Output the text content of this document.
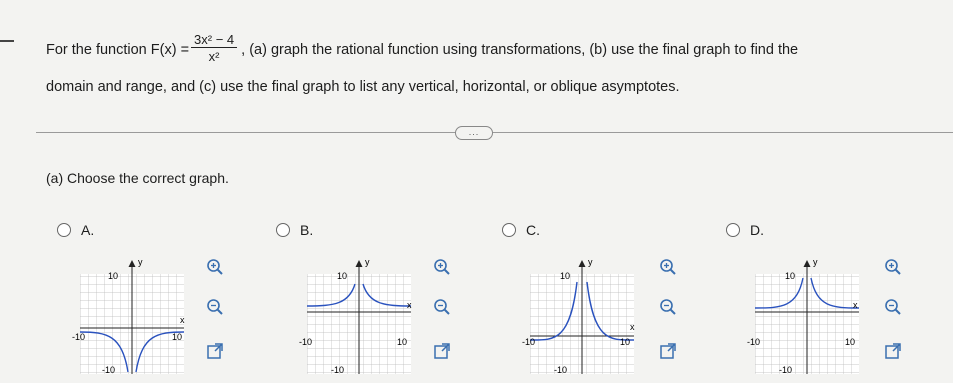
For the function $F(x) = \frac{\text{3x² − 4}}{\text{x²}}$ , (a) graph the rational function using transformations, (b) use the final graph to find the
domain and range, and (c) use the final graph to list any vertical, horizontal, or oblique asymptotes.
...
(a) Choose the correct graph.
A.
y
x
10
-10
-10	10
B.
y
x
10
-10
-10	10
C.
y
x
10
-10
-10	10
D.
y
x
10
-10
-10	10
